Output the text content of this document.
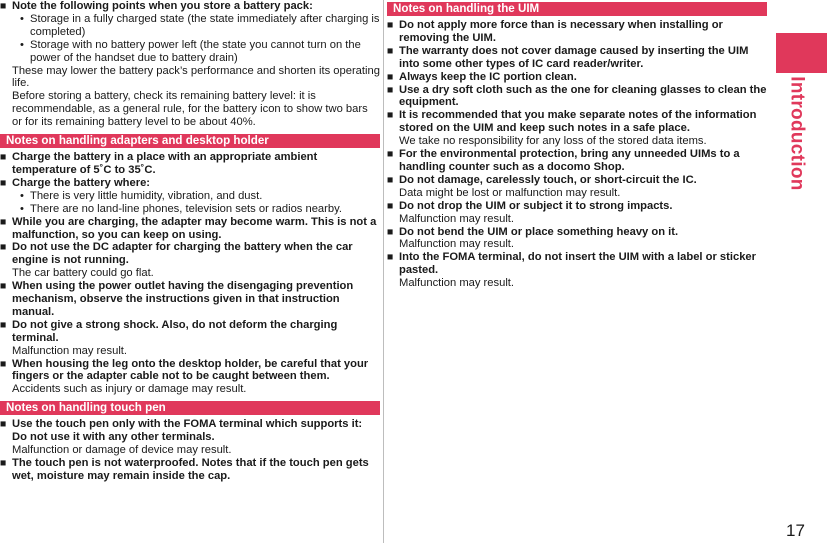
■ Note the following points when you store a battery pack:
• Storage in a fully charged state (the state immediately after charging is completed)
• Storage with no battery power left (the state you cannot turn on the power of the handset due to battery drain)
These may lower the battery pack’s performance and shorten its operating life.
Before storing a battery, check its remaining battery level: it is recommendable, as a general rule, for the battery icon to show two bars or for its remaining battery level to be about 40%.
Notes on handling adapters and desktop holder
■ Charge the battery in a place with an appropriate ambient temperature of 5˚C to 35˚C.
■ Charge the battery where:
• There is very little humidity, vibration, and dust.
• There are no land-line phones, television sets or radios nearby.
■ While you are charging, the adapter may become warm. This is not a malfunction, so you can keep on using.
■ Do not use the DC adapter for charging the battery when the car engine is not running.
The car battery could go flat.
■ When using the power outlet having the disengaging prevention mechanism, observe the instructions given in that instruction manual.
■ Do not give a strong shock. Also, do not deform the charging terminal.
Malfunction may result.
■ When housing the leg onto the desktop holder, be careful that your fingers or the adapter cable not to be caught between them.
Accidents such as injury or damage may result.
Notes on handling touch pen
■ Use the touch pen only with the FOMA terminal which supports it: Do not use it with any other terminals.
Malfunction or damage of device may result.
■ The touch pen is not waterproofed. Notes that if the touch pen gets wet, moisture may remain inside the cap.
Notes on handling the UIM
■ Do not apply more force than is necessary when installing or removing the UIM.
■ The warranty does not cover damage caused by inserting the UIM into some other types of IC card reader/writer.
■ Always keep the IC portion clean.
■ Use a dry soft cloth such as the one for cleaning glasses to clean the equipment.
■ It is recommended that you make separate notes of the information stored on the UIM and keep such notes in a safe place.
We take no responsibility for any loss of the stored data items.
■ For the environmental protection, bring any unneeded UIMs to a handling counter such as a docomo Shop.
■ Do not damage, carelessly touch, or short-circuit the IC.
Data might be lost or malfunction may result.
■ Do not drop the UIM or subject it to strong impacts.
Malfunction may result.
■ Do not bend the UIM or place something heavy on it.
Malfunction may result.
■ Into the FOMA terminal, do not insert the UIM with a label or sticker pasted.
Malfunction may result.
Introduction
17
